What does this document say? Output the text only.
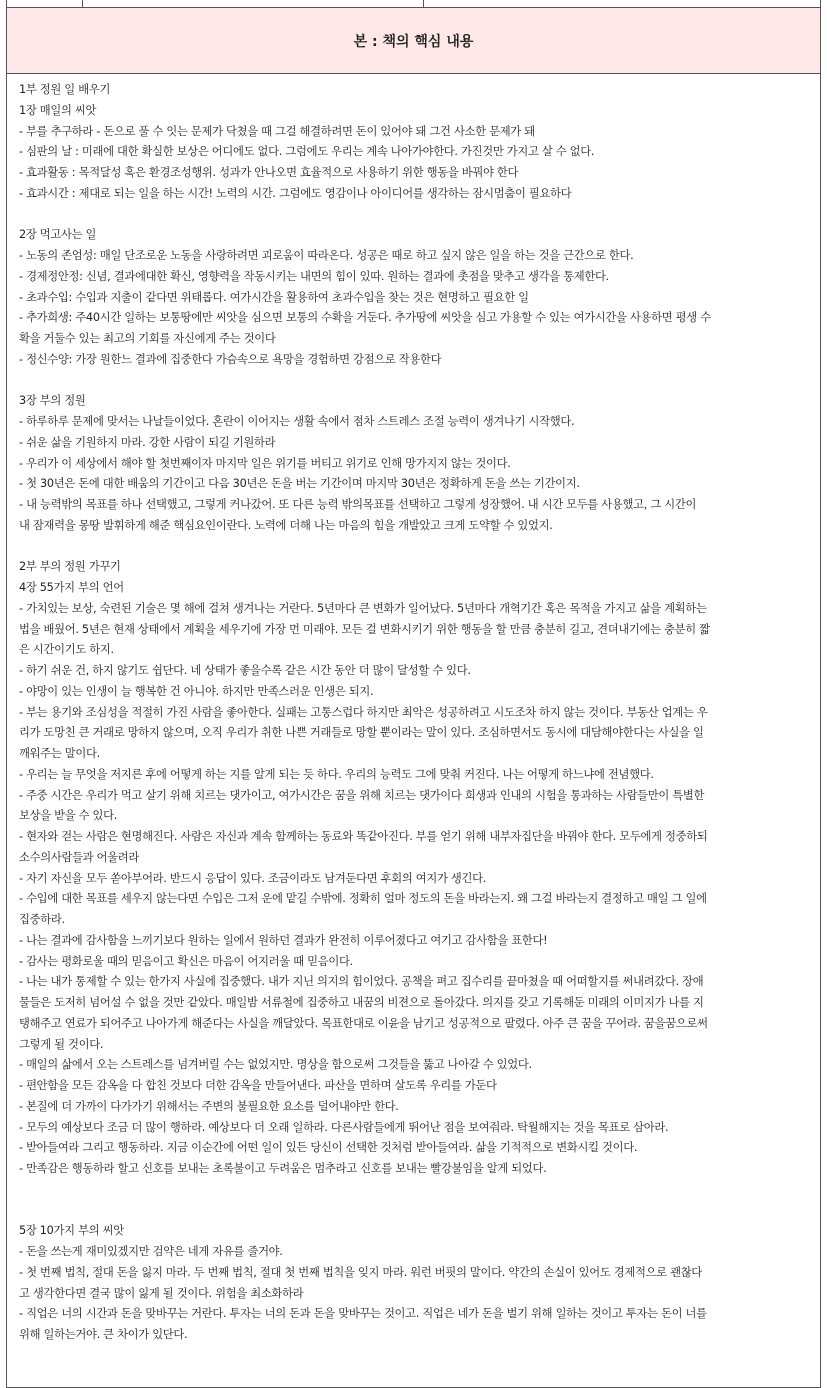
본 : 책의 핵심 내용
1부 정원 일 배우기
1장 매일의 씨앗
- 부를 추구하라 - 돈으로 풀 수 잇는 문제가 닥쳤을 때 그걸 해결하려면 돈이 있어야 돼 그건 사소한 문제가 돼
- 심판의 날 : 미래에 대한 확실한 보상은 어디에도 없다. 그럼에도 우리는 계속 나아가야한다. 가진것만 가지고 살 수 없다.
- 효과활동 : 목적달성 혹은 환경조성행위. 성과가 안나오면 효율적으로 사용하기 위한 행동을 바꿔야 한다
- 효과시간 : 제대로 되는 일을 하는 시간! 노력의 시간. 그럼에도 영감이나 아이디어를 생각하는 잠시멈춤이 필요하다
2장 먹고사는 일
- 노동의 존엄성: 매일 단조로운 노동을 사랑하려면 괴로움이 따라온다. 성공은 때로 하고 싶지 않은 일을 하는 것을 근간으로 한다.
- 경제정안정: 신념, 결과에대한 확신, 영향력을 작동시키는 내면의 힘이 있따. 원하는 결과에 촛점을 맞추고 생각을 통제한다.
- 초과수입: 수입과 지출이 같다면 위태롭다. 여가시간을 활용하여 초과수입을 찾는 것은 현명하고 필요한 일
- 추가희생: 주40시간 일하는 보통땅에만 씨앗을 심으면 보통의 수확을 거둔다. 추가땅에 씨앗을 심고 가용할 수 있는 여가시간을 사용하면 평생 수
확을 거둘수 있는 최고의 기회를 자신에게 주는 것이다
- 정신수양: 가장 원한느 결과에 집중한다 가슴속으로 욕망을 경험하면 강점으로 작용한다
3장 부의 정원
- 하루하루 문제에 맞서는 나날들이었다. 혼란이 이어지는 생활 속에서 점차 스트레스 조절 능력이 생겨나기 시작했다.
- 쉬운 삶을 기원하지 마라. 강한 사람이 되길 기원하라
- 우리가 이 세상에서 해야 할 첫번째이자 마지막 일은 위기를 버티고 위기로 인해 망가지지 않는 것이다.
- 첫 30년은 돈에 대한 배움의 기간이고 다음 30년은 돈을 버는 기간이며 마지막 30년은 정확하게 돈을 쓰는 기간이지.
- 내 능력밖의 목표를 하나 선택했고, 그렇게 커나갔어. 또 다른 능력 밖의목표를 선택하고 그렇게 성장했어. 내 시간 모두를 사용했고, 그 시간이
내 잠재력을 몽땅 발휘하게 해준 핵심요인이란다. 노력에 더해 나는 마음의 힘을 개발았고 크게 도약할 수 있었지.
2부 부의 정원 가꾸기
4장 55가지 부의 언어
- 가치있는 보상, 숙련된 기술은 몇 해에 걸쳐 생겨나는 거란다. 5년마다 큰 변화가 일어났다. 5년마다 개혁기간 혹은 목적을 가지고 삶을 계획하는
법을 배웠어. 5년은 현재 상태에서 계획을 세우기에 가장 먼 미래야. 모든 걸 변화시키기 위한 행동을 할 만큼 충분히 길고, 견뎌내기에는 충분히 짧
은 시간이기도 하지.
- 하기 쉬운 건, 하지 않기도 쉽단다. 네 상태가 좋을수록 같은 시간 동안 더 많이 달성할 수 있다.
- 야망이 있는 인생이 늘 행복한 건 아니야. 하지만 만족스러운 인생은 되지.
- 부는 용기와 조심성을 적절히 가진 사람을 좋아한다. 실패는 고통스럽다 하지만 최악은 성공하려고 시도조차 하지 않는 것이다. 부동산 업계는 우
리가 도망친 큰 거래로 망하지 않으며, 오직 우리가 취한 나쁜 거래들로 망할 뿐이라는 말이 있다. 조심하면서도 동시에 대담해야한다는 사실을 일
깨워주는 말이다.
- 우리는 늘 무엇을 저지른 후에 어떻게 하는 지를 알게 되는 듯 하다. 우리의 능력도 그에 맞춰 커진다. 나는 어떻게 하느냐에 전념했다.
- 주중 시간은 우리가 먹고 살기 위해 치르는 댓가이고, 여가시간은 꿈을 위해 치르는 댓가이다 희생과 인내의 시험을 통과하는 사람들만이 특별한
보상을 받을 수 있다.
- 현자와 걷는 사람은 현명해진다. 사람은 자신과 계속 함께하는 동료와 똑같아진다. 부를 얻기 위해 내부자집단을 바꿔야 한다. 모두에게 정중하되
소수의사람들과 어울려라
- 자기 자신을 모두 쏟아부어라. 반드시 응답이 있다. 조금이라도 남겨둔다면 후회의 여지가 생긴다.
- 수입에 대한 목표를 세우지 않는다면 수입은 그저 운에 맡길 수밖에. 정확히 얼마 정도의 돈을 바라는지. 왜 그걸 바라는지 결정하고 매일 그 일에
집중하라.
- 나는 결과에 감사함을 느끼기보다 원하는 일에서 원하던 결과가 완전히 이루어졌다고 여기고 감사함을 표한다!
- 감사는 평화로울 때의 믿음이고 확신은 마음이 어지러울 때 믿음이다.
- 나는 내가 통제할 수 있는 한가지 사실에 집중했다. 내가 지닌 의지의 힘이었다. 공책을 펴고 집수리를 끝마쳤을 때 어떠할지를 써내려갔다. 장애
물들은 도저히 넘어설 수 없을 것만 같았다. 매일밤 서류철에 집중하고 내꿈의 비젼으로 돌아갔다. 의지를 갖고 기록해둔 미래의 이미지가 나를 지
탱해주고 연료가 되어주고 나아가게 해준다는 사실을 깨달았다. 목표한대로 이윤을 남기고 성공적으로 팔렸다. 아주 큰 꿈을 꾸어라. 꿈을꿈으로써
그렇게 될 것이다.
- 매일의 삶에서 오는 스트레스를 넘겨버릴 수는 없었지만. 명상을 함으로써 그것들을 뚫고 나아갈 수 있었다.
- 편안함을 모든 감옥을 다 합친 것보다 더한 감옥을 만들어낸다. 파산을 면하며 살도록 우리를 가둔다
- 본질에 더 가까이 다가가기 위해서는 주변의 불필요한 요소를 덜어내야만 한다.
- 모두의 예상보다 조금 더 많이 행하라. 예상보다 더 오래 일하라. 다른사람들에게 뛰어난 점을 보여줘라. 탁월해지는 것을 목표로 삼아라.
- 받아들여라 그리고 행동하라. 지금 이순간에 어떤 일이 있든 당신이 선택한 것처럼 받아들여라. 삶을 기적적으로 변화시킬 것이다.
- 만족감은 행동하라 할고 신호를 보내는 초록불이고 두려움은 멈추라고 신호를 보내는 빨강불임을 알게 되었다.
5장 10가지 부의 씨앗
- 돈을 쓰는게 재미있겠지만 검약은 네게 자유를 줄거야.
- 첫 번째 법칙, 절대 돈을 잃지 마라. 두 번째 법칙, 절대 첫 번째 법칙을 잊지 마라. 워런 버핏의 말이다. 약간의 손실이 있어도 경제적으로 괜찮다
고 생각한다면 결국 많이 잃게 될 것이다. 위험을 최소화하라
- 직업은 너의 시간과 돈을 맞바꾸는 거란다. 투자는 너의 돈과 돈을 맞바꾸는 것이고. 직업은 네가 돈을 벌기 위해 일하는 것이고 투자는 돈이 너를
위해 일하는거야. 큰 차이가 있단다.
